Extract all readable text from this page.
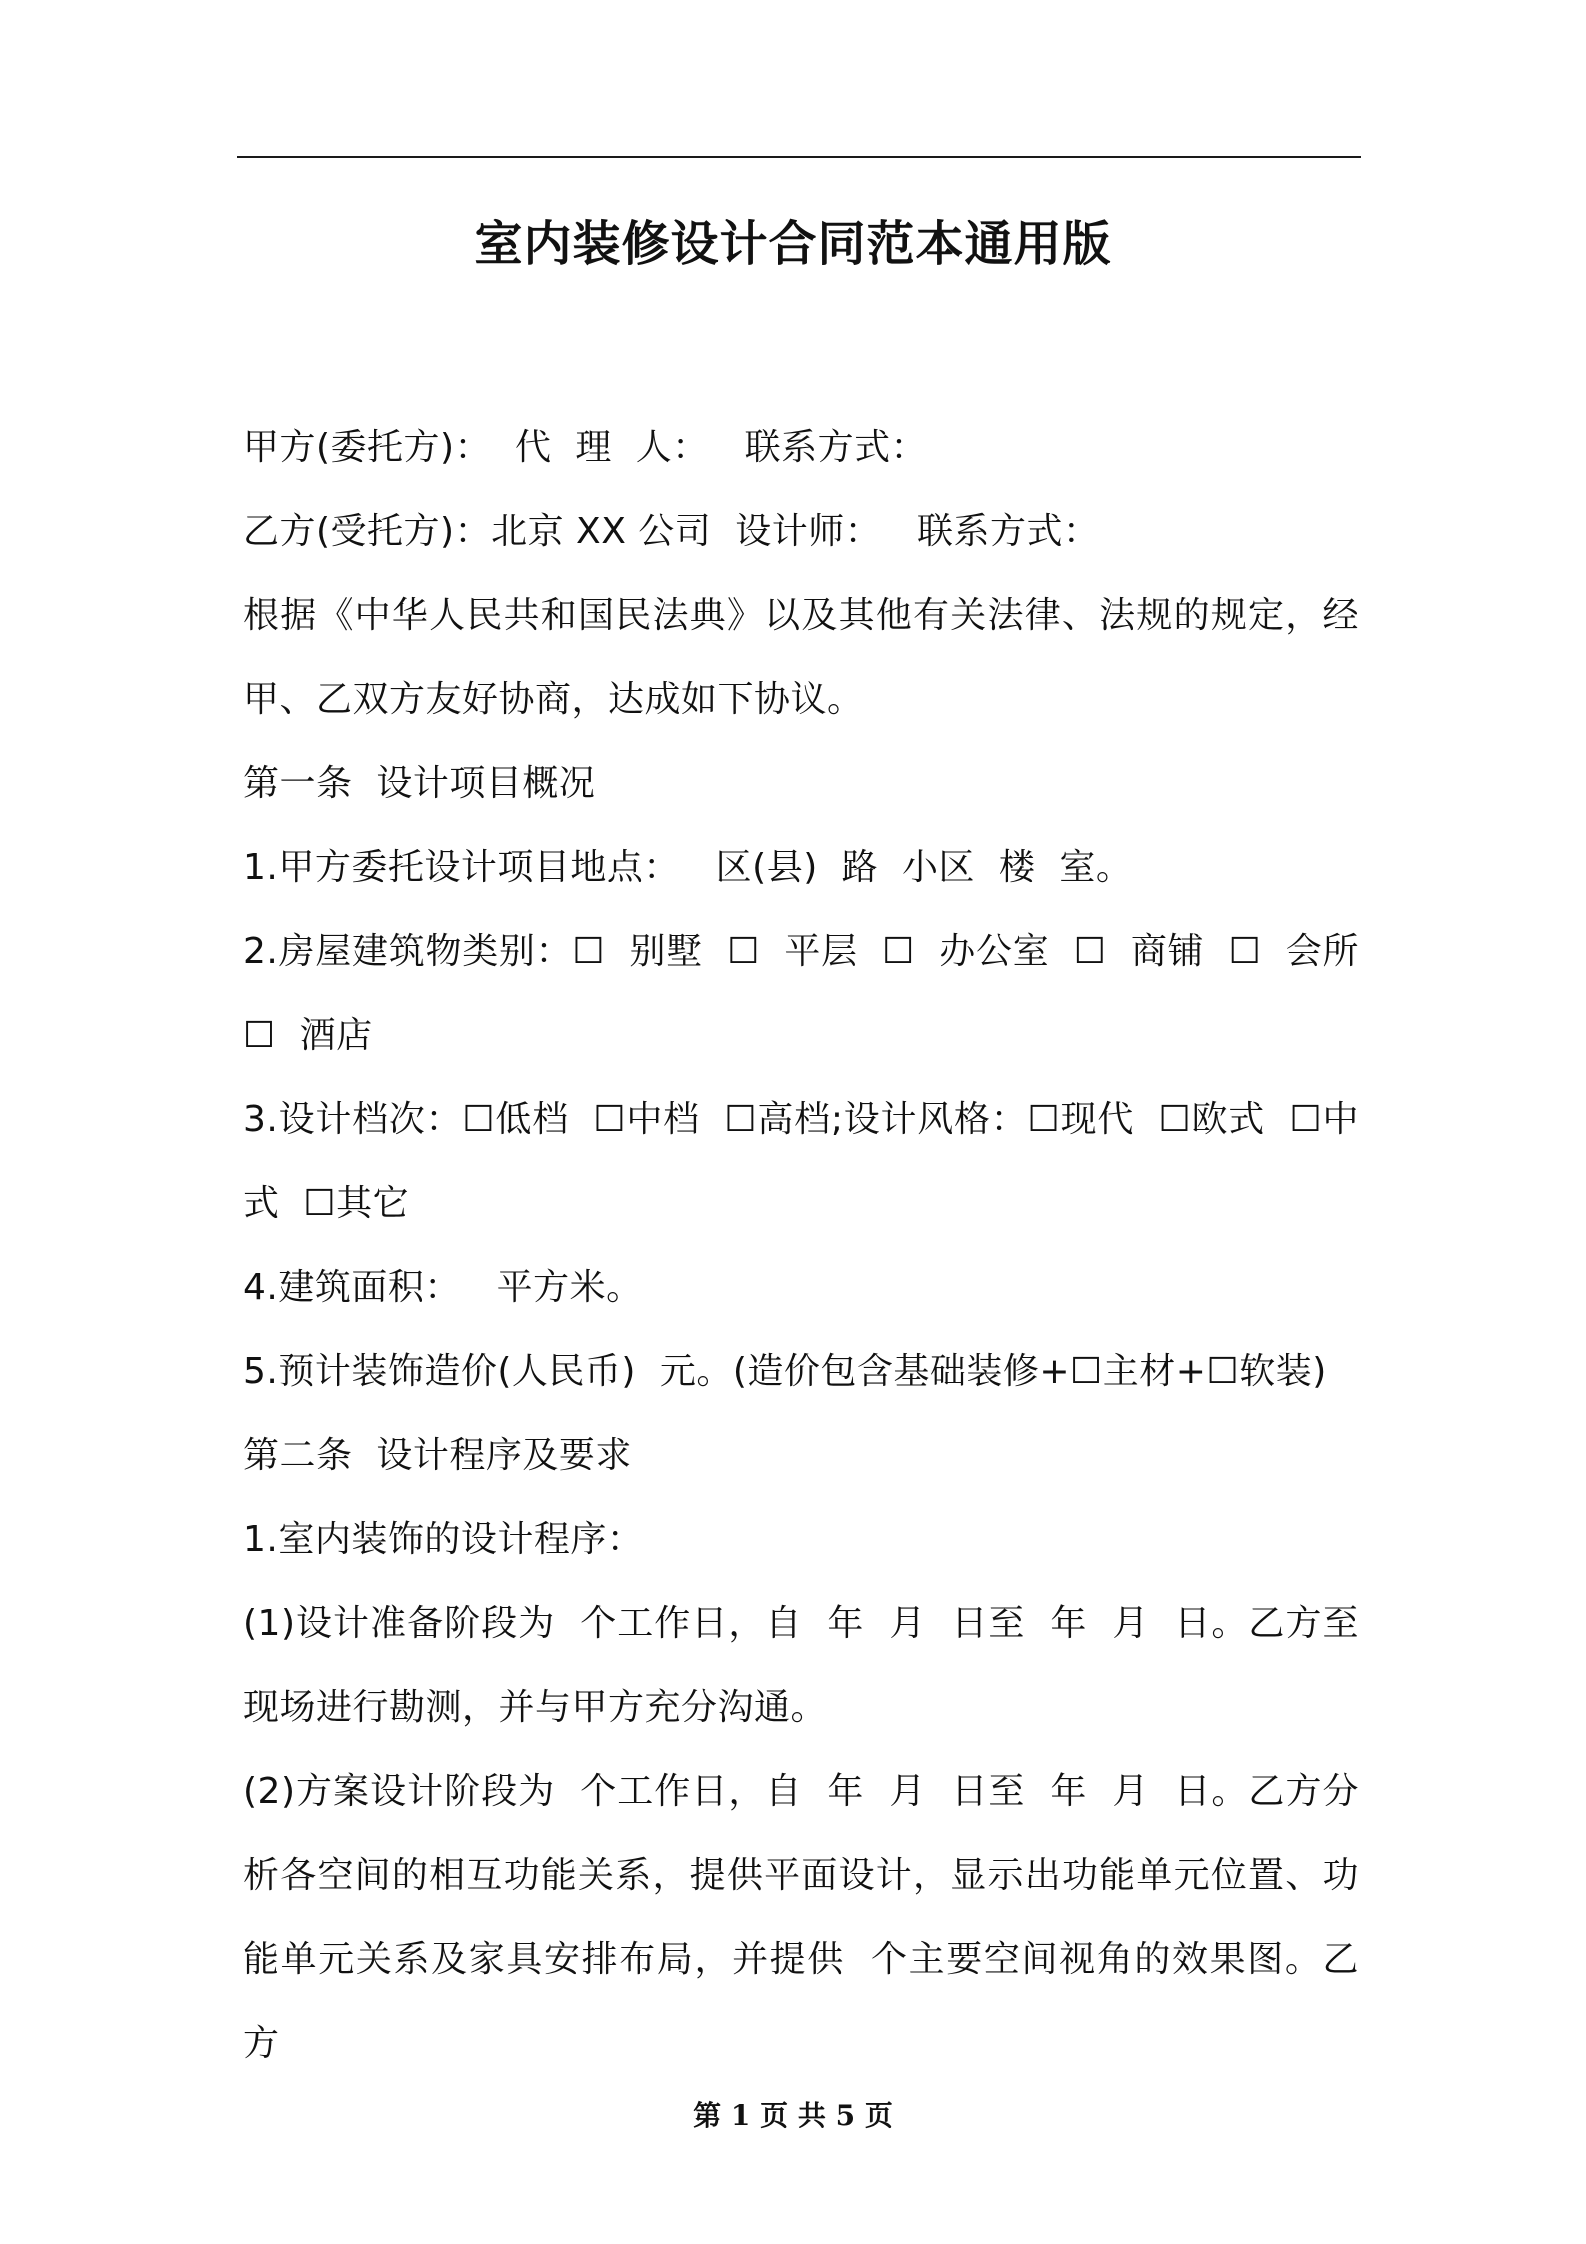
室内装修设计合同范本通用版

甲方(委托方)：  代  理  人：   联系方式：

乙方(受托方)：北京 XX 公司  设计师：   联系方式：

根据《中华人民共和国民法典》以及其他有关法律、法规的规定，经甲、乙双方友好协商，达成如下协议。

第一条  设计项目概况

1.甲方委托设计项目地点：   区(县)  路  小区  楼  室。

2.房屋建筑物类别：☐  别墅  ☐  平层  ☐  办公室  ☐  商铺  ☐  会所  ☐  酒店

3.设计档次：☐低档  ☐中档  ☐高档;设计风格：☐现代  ☐欧式  ☐中式  ☐其它

4.建筑面积：   平方米。

5.预计装饰造价(人民币)  元。(造价包含基础装修+☐主材+☐软装)

第二条  设计程序及要求

1.室内装饰的设计程序：

(1)设计准备阶段为  个工作日，自  年  月  日至  年  月  日。乙方至现场进行勘测，并与甲方充分沟通。

(2)方案设计阶段为  个工作日，自  年  月  日至  年  月  日。乙方分析各空间的相互功能关系，提供平面设计，显示出功能单元位置、功能单元关系及家具安排布局，并提供  个主要空间视角的效果图。乙方

第 1 页 共 5 页
